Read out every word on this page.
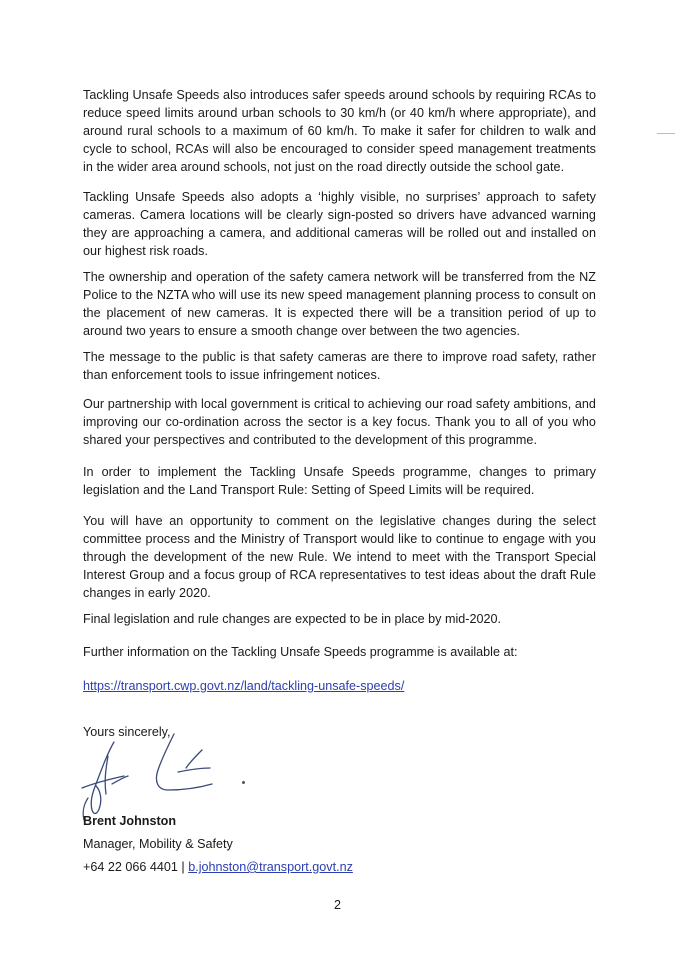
Tackling Unsafe Speeds also introduces safer speeds around schools by requiring RCAs to reduce speed limits around urban schools to 30 km/h (or 40 km/h where appropriate), and around rural schools to a maximum of 60 km/h. To make it safer for children to walk and cycle to school, RCAs will also be encouraged to consider speed management treatments in the wider area around schools, not just on the road directly outside the school gate.

Tackling Unsafe Speeds also adopts a ‘highly visible, no surprises’ approach to safety cameras. Camera locations will be clearly sign-posted so drivers have advanced warning they are approaching a camera, and additional cameras will be rolled out and installed on our highest risk roads.

The ownership and operation of the safety camera network will be transferred from the NZ Police to the NZTA who will use its new speed management planning process to consult on the placement of new cameras. It is expected there will be a transition period of up to around two years to ensure a smooth change over between the two agencies.

The message to the public is that safety cameras are there to improve road safety, rather than enforcement tools to issue infringement notices.

Our partnership with local government is critical to achieving our road safety ambitions, and improving our co-ordination across the sector is a key focus. Thank you to all of you who shared your perspectives and contributed to the development of this programme.

In order to implement the Tackling Unsafe Speeds programme, changes to primary legislation and the Land Transport Rule: Setting of Speed Limits will be required.

You will have an opportunity to comment on the legislative changes during the select committee process and the Ministry of Transport would like to continue to engage with you through the development of the new Rule. We intend to meet with the Transport Special Interest Group and a focus group of RCA representatives to test ideas about the draft Rule changes in early 2020.

Final legislation and rule changes are expected to be in place by mid-2020.

Further information on the Tackling Unsafe Speeds programme is available at:

https://transport.cwp.govt.nz/land/tackling-unsafe-speeds/

Yours sincerely,

Brent Johnston

Manager, Mobility & Safety

+64 22 066 4401 | b.johnston@transport.govt.nz

2
